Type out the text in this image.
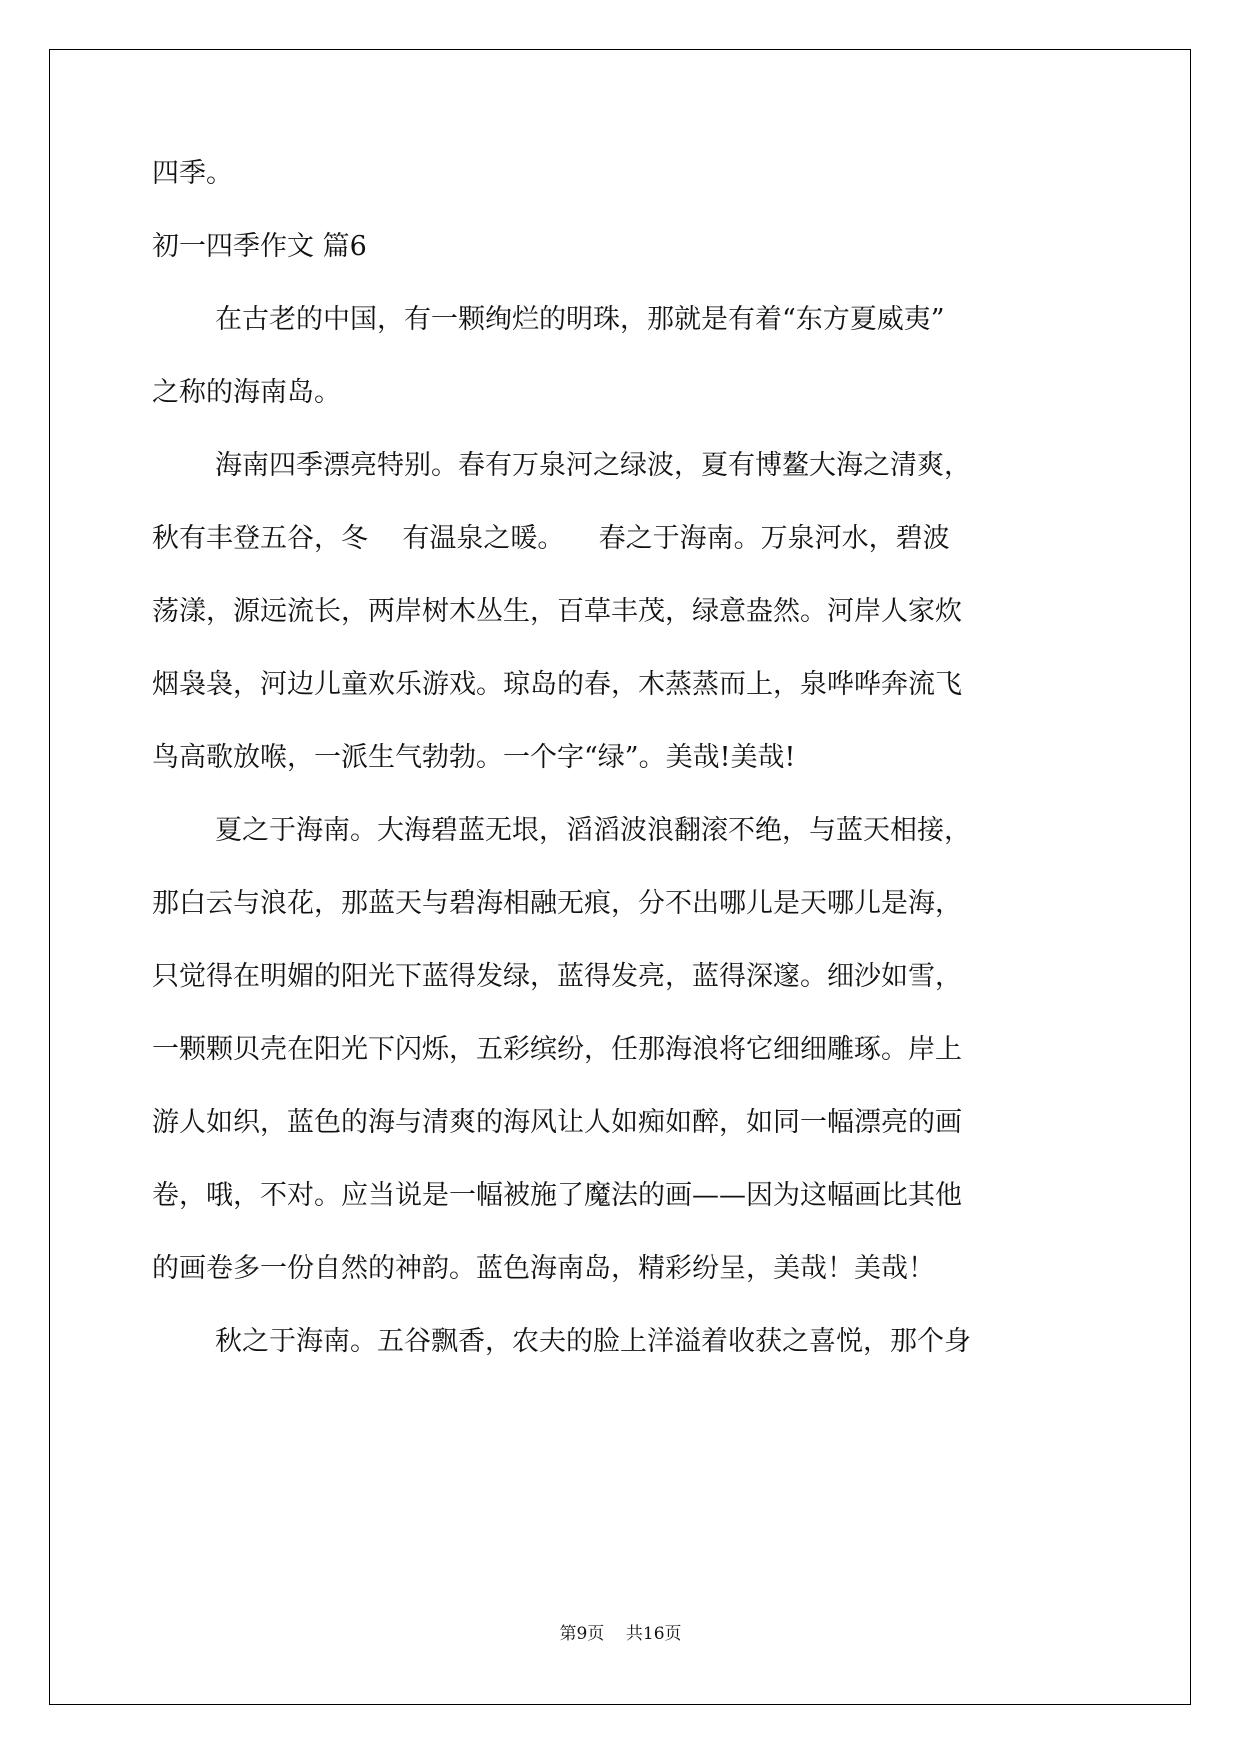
四季。

初一四季作文 篇6

在古老的中国，有一颗绚烂的明珠，那就是有着“东方夏威夷”

之称的海南岛。

海南四季漂亮特别。春有万泉河之绿波，夏有博鳌大海之清爽，

秋有丰登五谷，冬    有温泉之暖。    春之于海南。万泉河水，碧波

荡漾，源远流长，两岸树木丛生，百草丰茂，绿意盎然。河岸人家炊

烟袅袅，河边儿童欢乐游戏。琼岛的春，木蒸蒸而上，泉哗哗奔流飞

鸟高歌放喉，一派生气勃勃。一个字“绿”。美哉!美哉!

夏之于海南。大海碧蓝无垠，滔滔波浪翻滚不绝，与蓝天相接，

那白云与浪花，那蓝天与碧海相融无痕，分不出哪儿是天哪儿是海，

只觉得在明媚的阳光下蓝得发绿，蓝得发亮，蓝得深邃。细沙如雪，

一颗颗贝壳在阳光下闪烁，五彩缤纷，任那海浪将它细细雕琢。岸上

游人如织，蓝色的海与清爽的海风让人如痴如醉，如同一幅漂亮的画

卷，哦，不对。应当说是一幅被施了魔法的画——因为这幅画比其他

的画卷多一份自然的神韵。蓝色海南岛，精彩纷呈，美哉！美哉！

秋之于海南。五谷飘香，农夫的脸上洋溢着收获之喜悦，那个身

第9页    共16页
